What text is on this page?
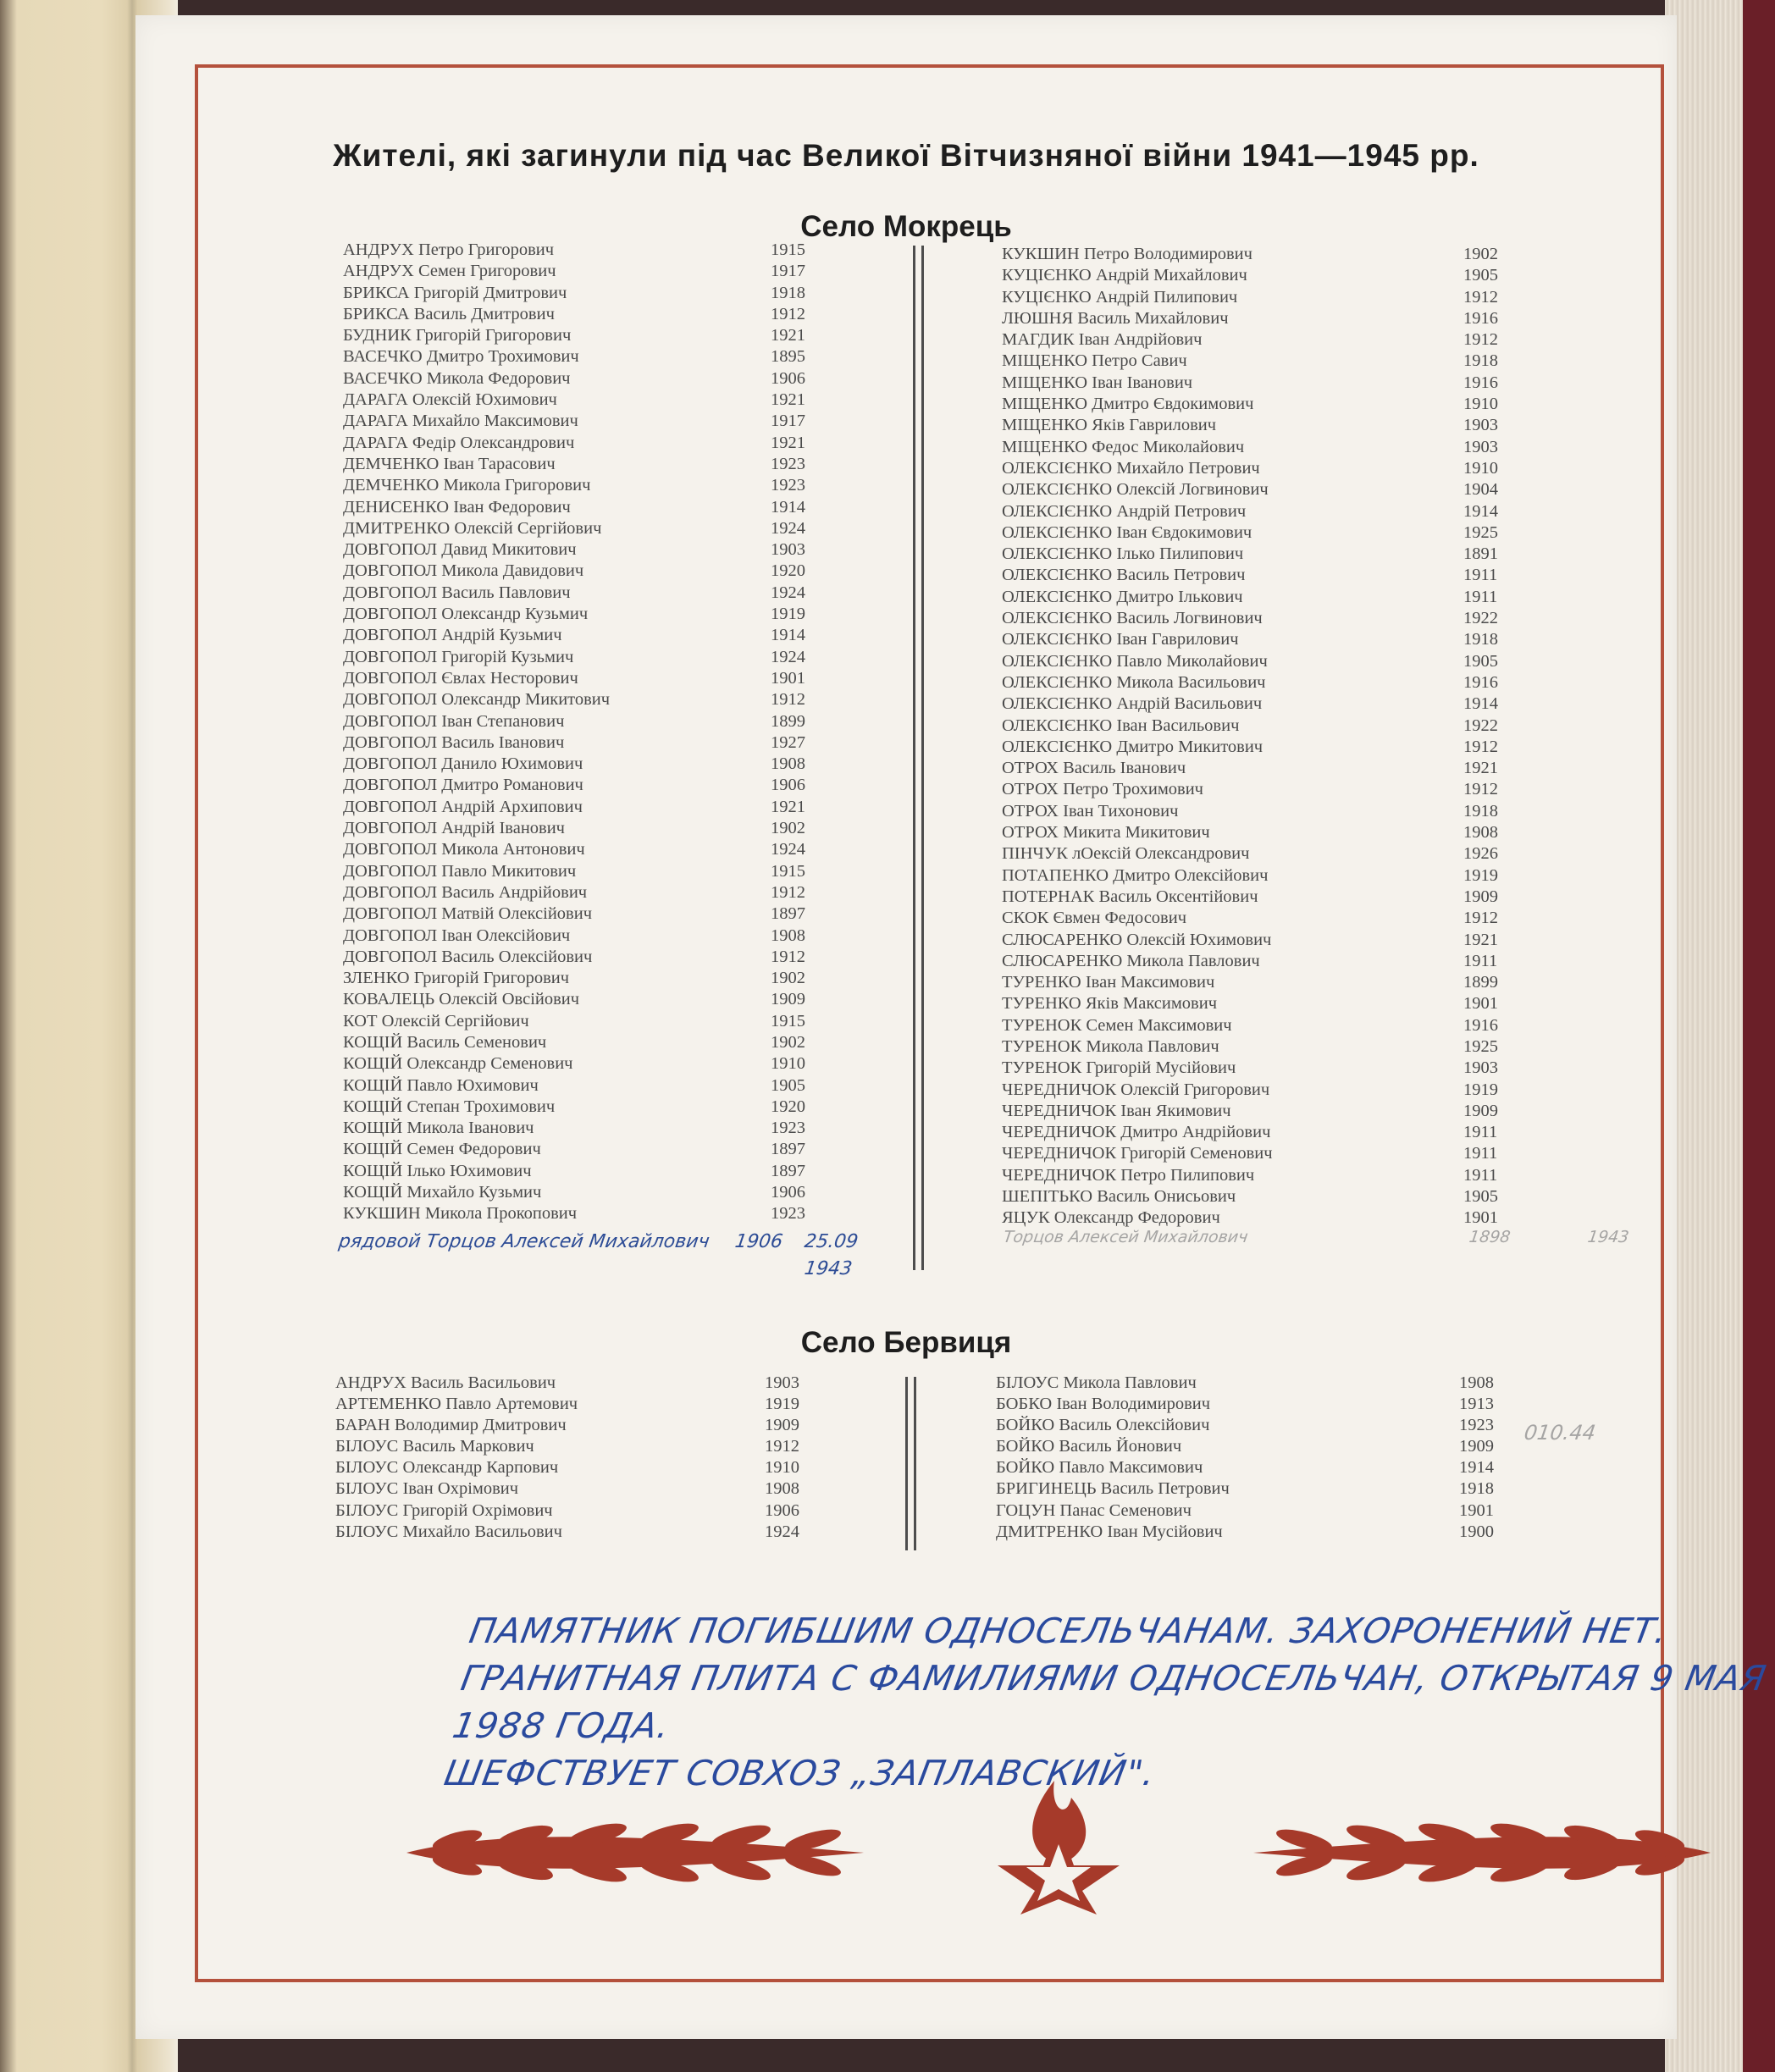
Жителі, які загинули під час Великої Вітчизняної війни 1941—1945 рр.
Село Мокрець
АНДРУХ Петро Григорович	1915
АНДРУХ Семен Григорович	1917
БРИКСА Григорій Дмитрович	1918
БРИКСА Василь Дмитрович	1912
БУДНИК Григорій Григорович	1921
ВАСЕЧКО Дмитро Трохимович	1895
ВАСЕЧКО Микола Федорович	1906
ДАРАГА Олексій Юхимович	1921
ДАРАГА Михайло Максимович	1917
ДАРАГА Федір Олександрович	1921
ДЕМЧЕНКО Іван Тарасович	1923
ДЕМЧЕНКО Микола Григорович	1923
ДЕНИСЕНКО Іван Федорович	1914
ДМИТРЕНКО Олексій Сергійович	1924
ДОВГОПОЛ Давид Микитович	1903
ДОВГОПОЛ Микола Давидович	1920
ДОВГОПОЛ Василь Павлович	1924
ДОВГОПОЛ Олександр Кузьмич	1919
ДОВГОПОЛ Андрій Кузьмич	1914
ДОВГОПОЛ Григорій Кузьмич	1924
ДОВГОПОЛ Євлах Несторович	1901
ДОВГОПОЛ Олександр Микитович	1912
ДОВГОПОЛ Іван Степанович	1899
ДОВГОПОЛ Василь Іванович	1927
ДОВГОПОЛ Данило Юхимович	1908
ДОВГОПОЛ Дмитро Романович	1906
ДОВГОПОЛ Андрій Архипович	1921
ДОВГОПОЛ Андрій Іванович	1902
ДОВГОПОЛ Микола Антонович	1924
ДОВГОПОЛ Павло Микитович	1915
ДОВГОПОЛ Василь Андрійович	1912
ДОВГОПОЛ Матвій Олексійович	1897
ДОВГОПОЛ Іван Олексійович	1908
ДОВГОПОЛ Василь Олексійович	1912
ЗЛЕНКО Григорій Григорович	1902
КОВАЛЕЦЬ Олексій Овсійович	1909
КОТ Олексій Сергійович	1915
КОЩІЙ Василь Семенович	1902
КОЩІЙ Олександр Семенович	1910
КОЩІЙ Павло Юхимович	1905
КОЩІЙ Степан Трохимович	1920
КОЩІЙ Микола Іванович	1923
КОЩІЙ Семен Федорович	1897
КОЩІЙ Ілько Юхимович	1897
КОЩІЙ Михайло Кузьмич	1906
КУКШИН Микола Прокопович	1923
КУКШИН Петро Володимирович	1902
КУЦІЄНКО Андрій Михайлович	1905
КУЦІЄНКО Андрій Пилипович	1912
ЛЮШНЯ Василь Михайлович	1916
МАГДИК Іван Андрійович	1912
МІЩЕНКО Петро Савич	1918
МІЩЕНКО Іван Іванович	1916
МІЩЕНКО Дмитро Євдокимович	1910
МІЩЕНКО Яків Гаврилович	1903
МІЩЕНКО Федос Миколайович	1903
ОЛЕКСІЄНКО Михайло Петрович	1910
ОЛЕКСІЄНКО Олексій Логвинович	1904
ОЛЕКСІЄНКО Андрій Петрович	1914
ОЛЕКСІЄНКО Іван Євдокимович	1925
ОЛЕКСІЄНКО Ілько Пилипович	1891
ОЛЕКСІЄНКО Василь Петрович	1911
ОЛЕКСІЄНКО Дмитро Ількович	1911
ОЛЕКСІЄНКО Василь Логвинович	1922
ОЛЕКСІЄНКО Іван Гаврилович	1918
ОЛЕКСІЄНКО Павло Миколайович	1905
ОЛЕКСІЄНКО Микола Васильович	1916
ОЛЕКСІЄНКО Андрій Васильович	1914
ОЛЕКСІЄНКО Іван Васильович	1922
ОЛЕКСІЄНКО Дмитро Микитович	1912
ОТРОХ Василь Іванович	1921
ОТРОХ Петро Трохимович	1912
ОТРОХ Іван Тихонович	1918
ОТРОХ Микита Микитович	1908
ПІНЧУК лОексій Олександрович	1926
ПОТАПЕНКО Дмитро Олексійович	1919
ПОТЕРНАК Василь Оксентійович	1909
СКОК Євмен Федосович	1912
СЛЮСАРЕНКО Олексій Юхимович	1921
СЛЮСАРЕНКО Микола Павлович	1911
ТУРЕНКО Іван Максимович	1899
ТУРЕНКО Яків Максимович	1901
ТУРЕНОК Семен Максимович	1916
ТУРЕНОК Микола Павлович	1925
ТУРЕНОК Григорій Мусійович	1903
ЧЕРЕДНИЧОК Олексій Григорович	1919
ЧЕРЕДНИЧОК Іван Якимович	1909
ЧЕРЕДНИЧОК Дмитро Андрійович	1911
ЧЕРЕДНИЧОК Григорій Семенович	1911
ЧЕРЕДНИЧОК Петро Пилипович	1911
ШЕПІТЬКО Василь Онисьович	1905
ЯЦУК Олександр Федорович	1901
рядовой Торцов Алексей Михайлович 1906 25.09
1943
Торцов Алексей Михайлович	1898	1943
Село Бервиця
АНДРУХ Василь Васильович	1903
АРТЕМЕНКО Павло Артемович	1919
БАРАН Володимир Дмитрович	1909
БІЛОУС Василь Маркович	1912
БІЛОУС Олександр Карпович	1910
БІЛОУС Іван Охрімович	1908
БІЛОУС Григорій Охрімович	1906
БІЛОУС Михайло Васильович	1924
БІЛОУС Микола Павлович	1908
БОБКО Іван Володимирович	1913
БОЙКО Василь Олексійович	1923
БОЙКО Василь Йонович	1909
БОЙКО Павло Максимович	1914
БРИГИНЕЦЬ Василь Петрович	1918
ГОЦУН Панас Семенович	1901
ДМИТРЕНКО Іван Мусійович	1900
010.44
ПАМЯТНИК ПОГИБШИМ ОДНОСЕЛЬЧАНАМ. ЗАХОРОНЕНИЙ НЕТ.
ГРАНИТНАЯ ПЛИТА С ФАМИЛИЯМИ ОДНОСЕЛЬЧАН, ОТКРЫТАЯ 9 МАЯ 1988 ГОДА.
ШЕФСТВУЕТ СОВХОЗ „ЗАПЛАВСКИЙ".
